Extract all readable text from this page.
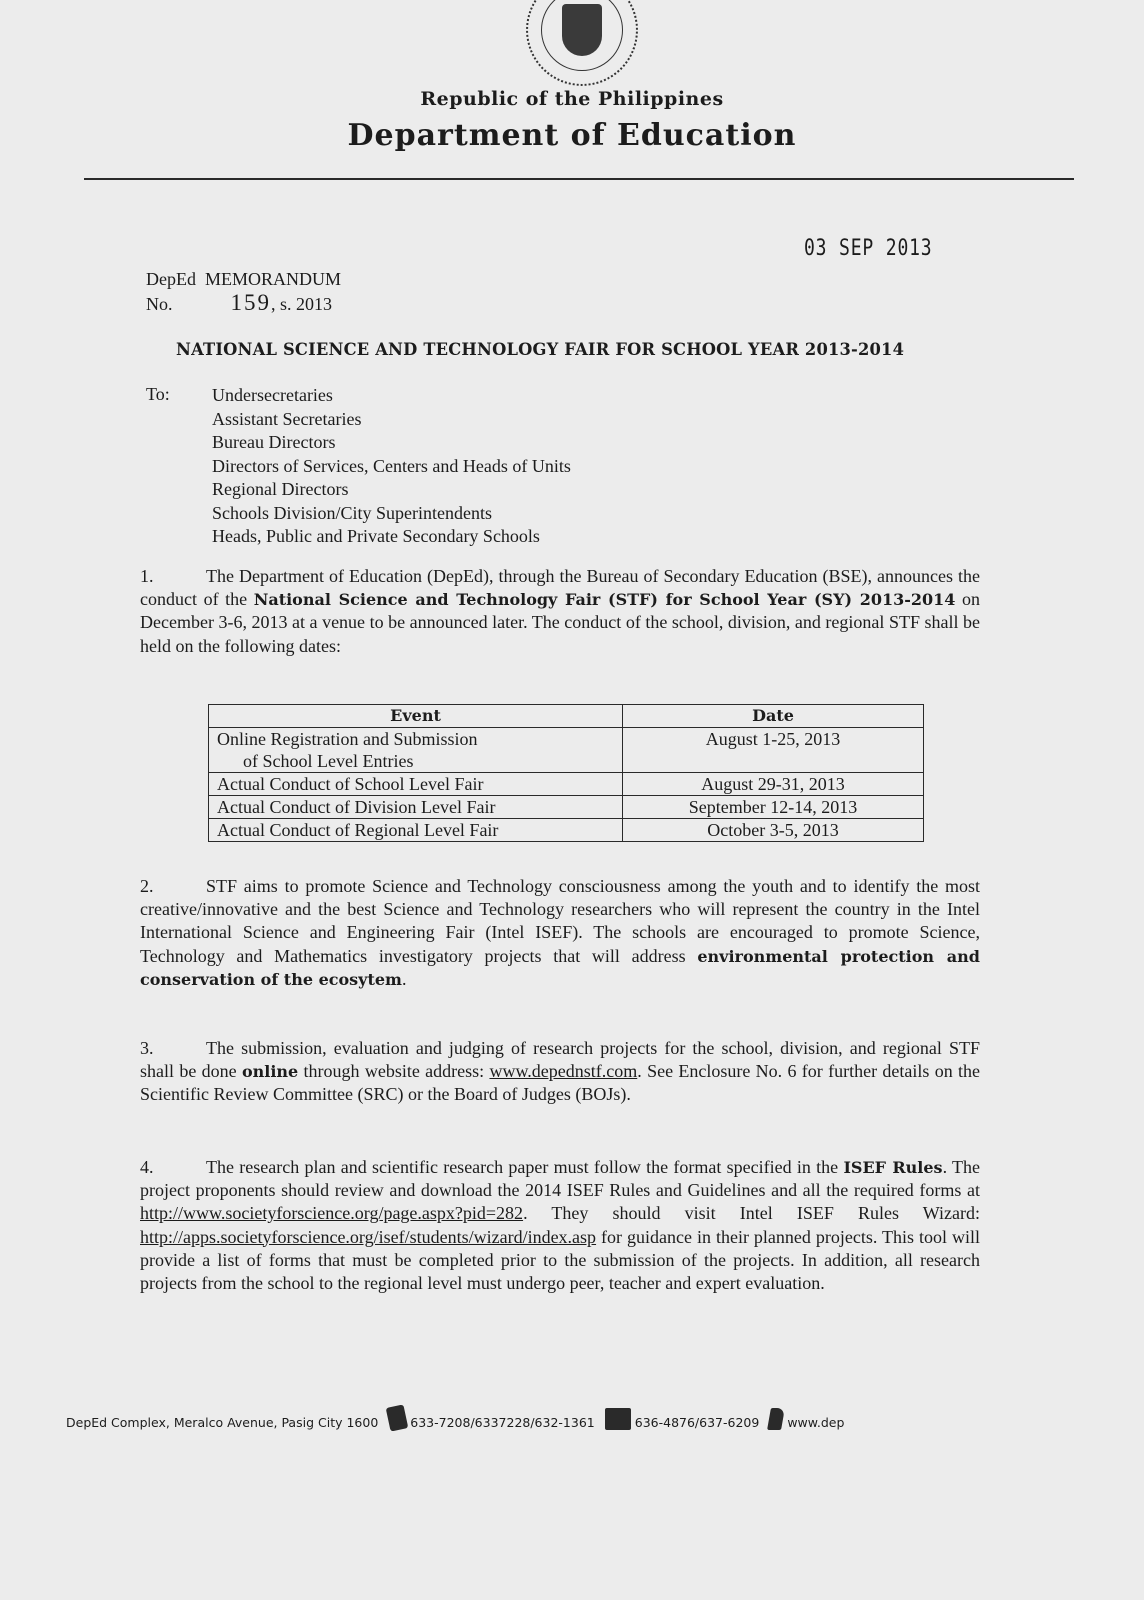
Republic of the Philippines
Department of Education
03 SEP 2013
DepEd  MEMORANDUM
No.	159, s. 2013
NATIONAL SCIENCE AND TECHNOLOGY FAIR FOR SCHOOL YEAR 2013-2014
To: Undersecretaries
Assistant Secretaries
Bureau Directors
Directors of Services, Centers and Heads of Units
Regional Directors
Schools Division/City Superintendents
Heads, Public and Private Secondary Schools
1.	The Department of Education (DepEd), through the Bureau of Secondary Education (BSE), announces the conduct of the National Science and Technology Fair (STF) for School Year (SY) 2013-2014 on December 3-6, 2013 at a venue to be announced later. The conduct of the school, division, and regional STF shall be held on the following dates:
Event	Date
Online Registration and Submission
of School Level Entries	August 1-25, 2013
Actual Conduct of School Level Fair	August 29-31, 2013
Actual Conduct of Division Level Fair	September 12-14, 2013
Actual Conduct of Regional Level Fair	October 3-5, 2013
2.	STF aims to promote Science and Technology consciousness among the youth and to identify the most creative/innovative and the best Science and Technology researchers who will represent the country in the Intel International Science and Engineering Fair (Intel ISEF). The schools are encouraged to promote Science, Technology and Mathematics investigatory projects that will address environmental protection and conservation of the ecosytem.
3.	The submission, evaluation and judging of research projects for the school, division, and regional STF shall be done online through website address: www.depednstf.com. See Enclosure No. 6 for further details on the Scientific Review Committee (SRC) or the Board of Judges (BOJs).
4.	The research plan and scientific research paper must follow the format specified in the ISEF Rules. The project proponents should review and download the 2014 ISEF Rules and Guidelines and all the required forms at http://www.societyforscience.org/page.aspx?pid=282. They should visit Intel ISEF Rules Wizard: http://apps.societyforscience.org/isef/students/wizard/index.asp for guidance in their planned projects. This tool will provide a list of forms that must be completed prior to the submission of the projects. In addition, all research projects from the school to the regional level must undergo peer, teacher and expert evaluation.
DepEd Complex, Meralco Avenue, Pasig City 1600	633-7208/6337228/632-1361	636-4876/637-6209 www.dep
